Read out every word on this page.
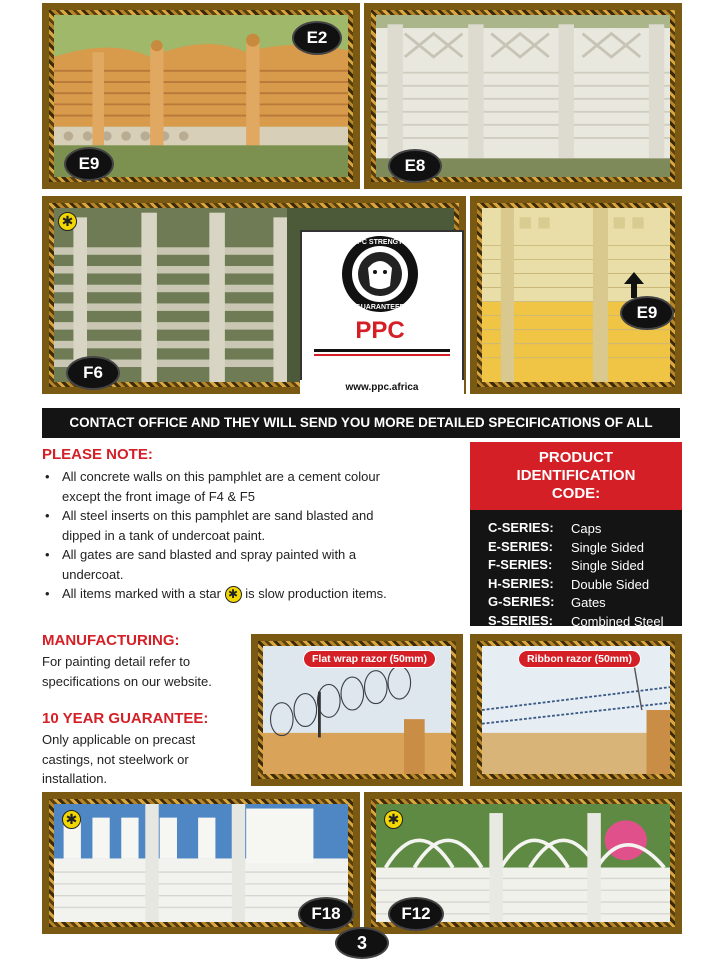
E2
E9	E8
✱
F6
PPC STRENGTH
GUARANTEED
PPC
www.ppc.africa
E9
CONTACT OFFICE AND THEY WILL SEND YOU MORE DETAILED SPECIFICATIONS OF ALL PRODUCTS
PLEASE NOTE:
• All concrete walls on this pamphlet are a cement colour except the front image of F4 & F5
• All steel inserts on this pamphlet are sand blasted and dipped in a tank of undercoat paint.
• All gates are sand blasted and spray painted with a undercoat.
• All items marked with a star ✱ is slow production items.
PRODUCT IDENTIFICATION CODE:
C-SERIES:	Caps
E-SERIES:	Single Sided
F-SERIES:	Single Sided
H-SERIES:	Double Sided
G-SERIES:	Gates
S-SERIES:	Combined Steel
MANUFACTURING:
For painting detail refer to specifications on our website.
10 YEAR GUARANTEE:
Only applicable on precast castings, not steelwork or installation.
Flat wrap razor (50mm)	Ribbon razor (50mm)
✱
F18
✱
F12
3
